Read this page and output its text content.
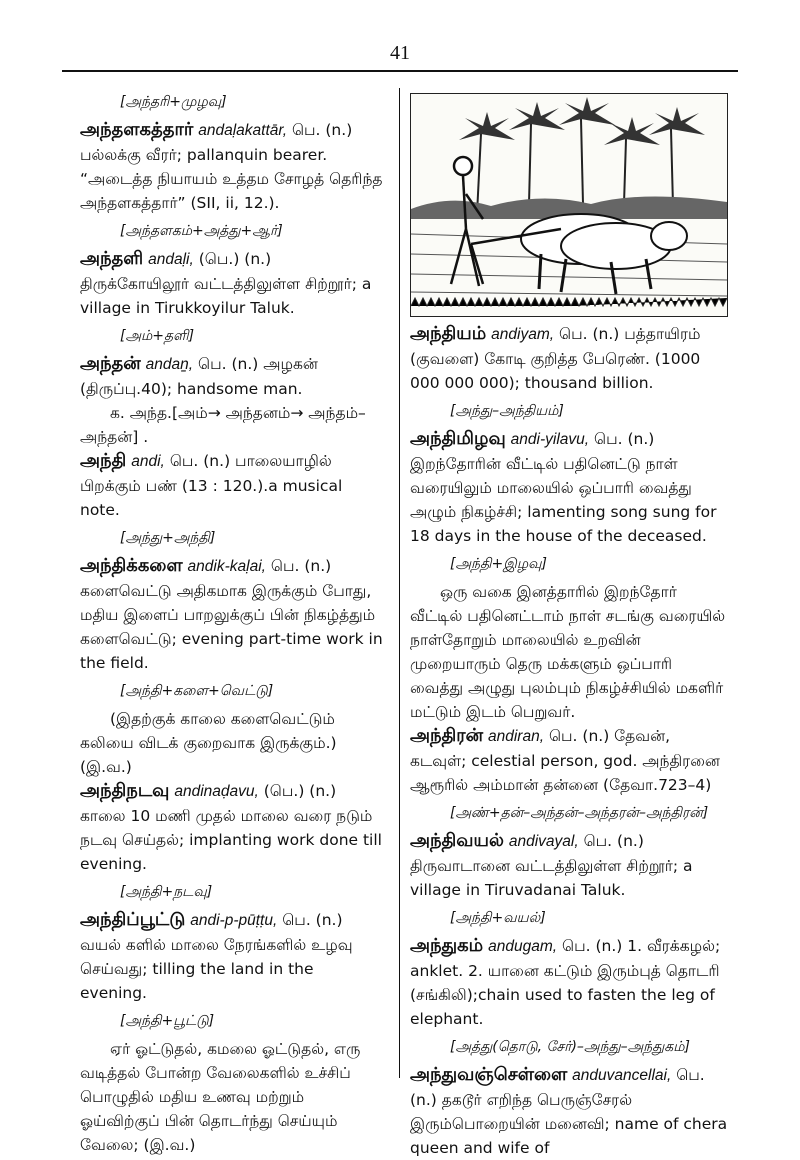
41

[அந்தரி+முழவு]

அந்தளகத்தார் andaḷakattār, பெ. (n.) பல்லக்கு வீரர்; pallanquin bearer. “அடைத்த நியாயம் உத்தம சோழத் தெரிந்த அந்தளகத்தார்” (SII, ii, 12.).

[அந்தளகம்+அத்து+ஆர்]

அந்தளி andaḷi, (பெ.) (n.) திருக்கோயிலூர் வட்டத்திலுள்ள சிற்றூர்; a village in Tirukkoyilur Taluk.

[அம்+தளி]

அந்தன் andaṉ, பெ. (n.) அழகன் (திருப்பு.40); handsome man.

க. அந்த.[அம்→ அந்தனம்→ அந்தம்–அந்தன்] .

அந்தி andi, பெ. (n.) பாலையாழில் பிறக்கும் பண் (13 : 120.).a musical note.

[அந்து+அந்தி]

அந்திக்களை andik-kaḷai, பெ. (n.) களைவெட்டு அதிகமாக இருக்கும் போது, மதிய இளைப் பாறலுக்குப் பின் நிகழ்த்தும் களைவெட்டு; evening part-time work in the field.

[அந்தி+களை+வெட்டு]

(இதற்குக் காலை களைவெட்டும் கலியை விடக் குறைவாக இருக்கும்.) (இ.வ.)

அந்திநடவு andinaḍavu, (பெ.) (n.) காலை 10 மணி முதல் மாலை வரை நடும் நடவு செய்தல்; implanting work done till evening.

[அந்தி+நடவு]

அந்திப்பூட்டு andi-p-pūṭṭu, பெ. (n.) வயல் களில் மாலை நேரங்களில் உழவு செய்வது; tilling the land in the evening.

[அந்தி+பூட்டு]

ஏர் ஓட்டுதல், கமலை ஓட்டுதல், எரு வடித்தல் போன்ற வேலைகளில் உச்சிப் பொழுதில் மதிய உணவு மற்றும் ஓய்விற்குப் பின் தொடர்ந்து செய்யும் வேலை; (இ.வ.)

அந்தியம் andiyam, பெ. (n.) பத்தாயிரம் (குவளை) கோடி குறித்த பேரெண். (1000 000 000 000); thousand billion.

[அந்து–அந்தியம்]

அந்திமிழவு andi-yilavu, பெ. (n.) இறந்தோரின் வீட்டில் பதினெட்டு நாள் வரையிலும் மாலையில் ஒப்பாரி வைத்து அழும் நிகழ்ச்சி; lamenting song sung for 18 days in the house of the deceased.

[அந்தி+இழவு]

ஒரு வகை இனத்தாரில் இறந்தோர் வீட்டில் பதினெட்டாம் நாள் சடங்கு வரையில் நாள்தோறும் மாலையில் உறவின் முறையாரும் தெரு மக்களும் ஒப்பாரி வைத்து அழுது புலம்பும் நிகழ்ச்சியில் மகளிர் மட்டும் இடம் பெறுவர்.

அந்திரன் andiran, பெ. (n.) தேவன், கடவுள்; celestial person, god. அந்திரனை ஆரூரில் அம்மான் தன்னை (தேவா.723–4)

[அண்+தன்–அந்தன்–அந்தரன்–அந்திரன்]

அந்திவயல் andivayal, பெ. (n.) திருவாடானை வட்டத்திலுள்ள சிற்றூர்; a village in Tiruvadanai Taluk.

[அந்தி+வயல்]

அந்துகம் andugam, பெ. (n.) 1. வீரக்கழல்; anklet. 2. யானை கட்டும் இரும்புத் தொடரி (சங்கிலி);chain used to fasten the leg of elephant.

[அத்து(தொடு, சேர்)–அந்து–அந்துகம்]

அந்துவஞ்செள்ளை anduvancellai, பெ. (n.) தகடூர் எறிந்த பெருஞ்சேரல் இரும்பொறையின் மனைவி; name of chera queen and wife of
